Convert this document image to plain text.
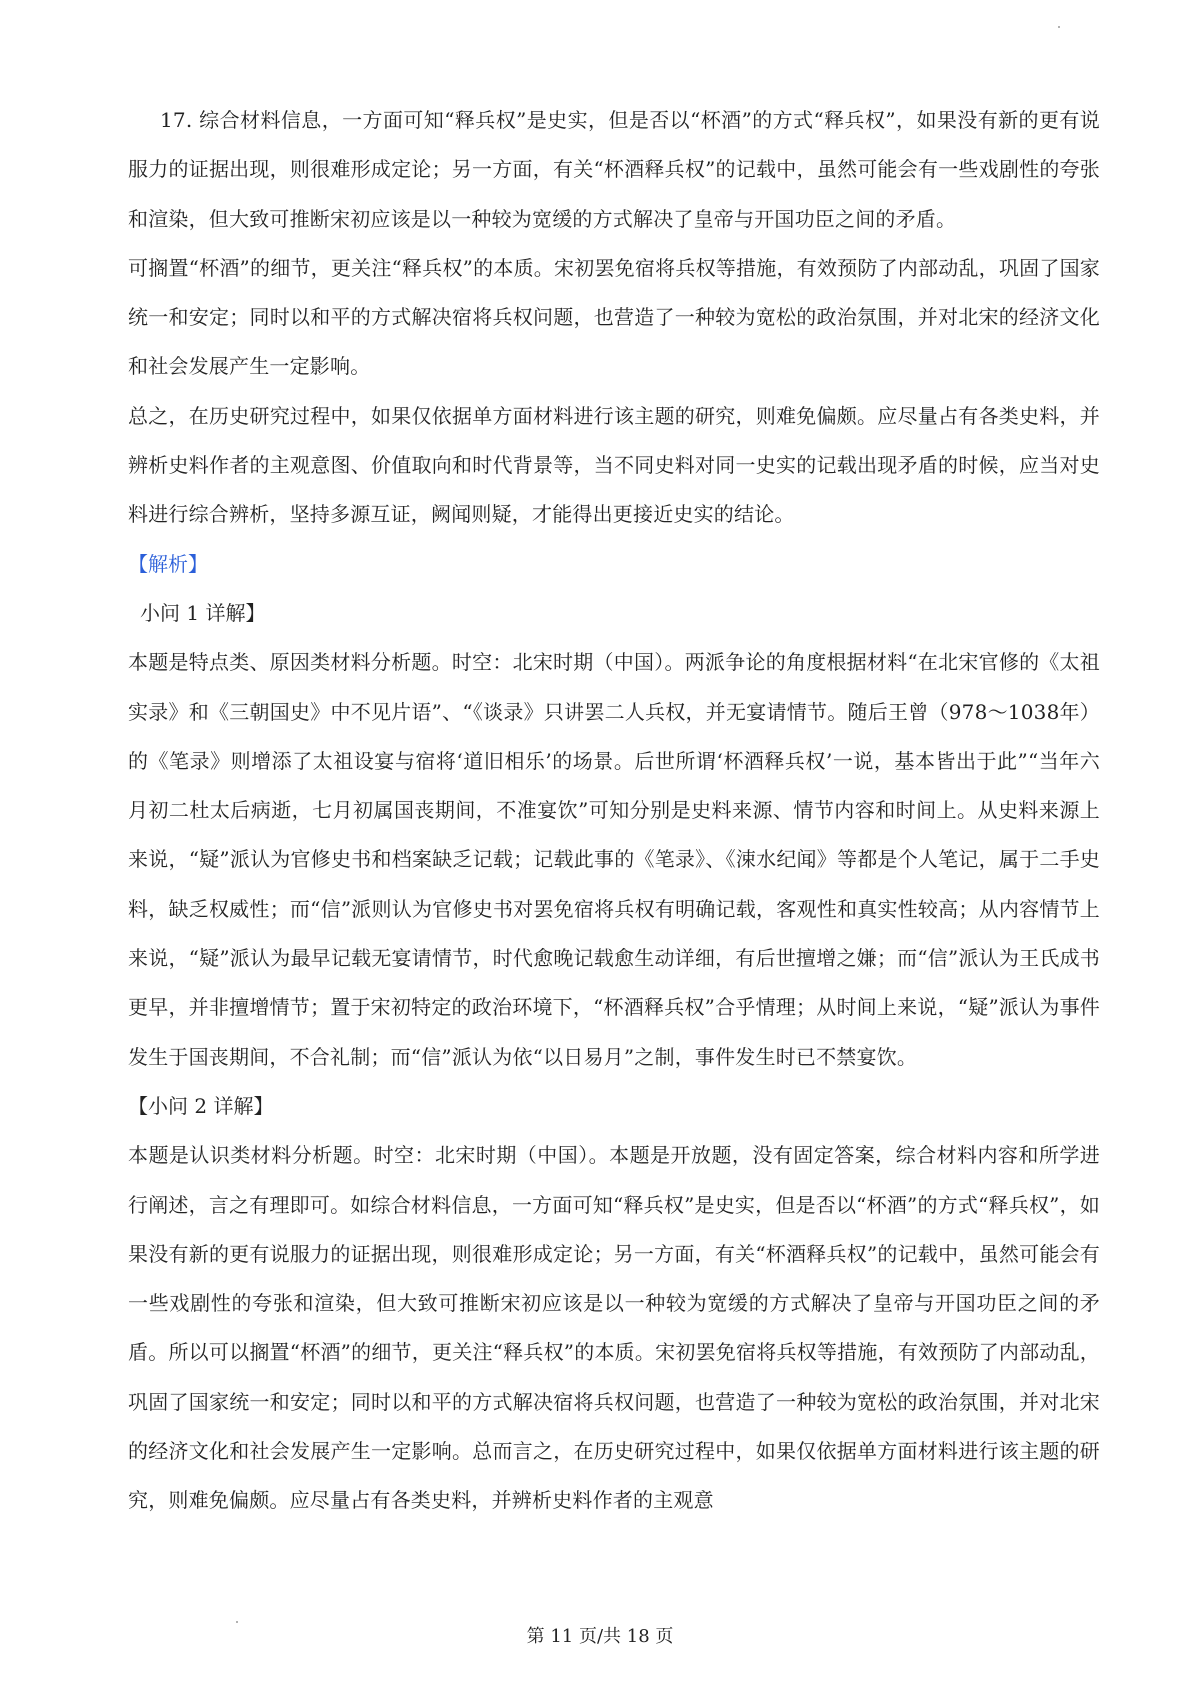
17. 综合材料信息，一方面可知“释兵权”是史实，但是否以“杯酒”的方式“释兵权”，如果没有新的更有说服力的证据出现，则很难形成定论；另一方面，有关“杯酒释兵权”的记载中，虽然可能会有一些戏剧性的夸张和渲染，但大致可推断宋初应该是以一种较为宽缓的方式解决了皇帝与开国功臣之间的矛盾。

可搁置“杯酒”的细节，更关注“释兵权”的本质。宋初罢免宿将兵权等措施，有效预防了内部动乱，巩固了国家统一和安定；同时以和平的方式解决宿将兵权问题，也营造了一种较为宽松的政治氛围，并对北宋的经济文化和社会发展产生一定影响。

总之，在历史研究过程中，如果仅依据单方面材料进行该主题的研究，则难免偏颇。应尽量占有各类史料，并辨析史料作者的主观意图、价值取向和时代背景等，当不同史料对同一史实的记载出现矛盾的时候，应当对史料进行综合辨析，坚持多源互证，阙闻则疑，才能得出更接近史实的结论。

【解析】

小问 1 详解】

本题是特点类、原因类材料分析题。时空：北宋时期（中国）。两派争论的角度根据材料“在北宋官修的《太祖实录》和《三朝国史》中不见片语”、“《谈录》只讲罢二人兵权，并无宴请情节。随后王曾（978～1038年）的《笔录》则增添了太祖设宴与宿将‘道旧相乐’的场景。后世所谓‘杯酒释兵权’一说，基本皆出于此”“当年六月初二杜太后病逝，七月初属国丧期间，不准宴饮”可知分别是史料来源、情节内容和时间上。从史料来源上来说，“疑”派认为官修史书和档案缺乏记载；记载此事的《笔录》、《涑水纪闻》等都是个人笔记，属于二手史料，缺乏权威性；而“信”派则认为官修史书对罢免宿将兵权有明确记载，客观性和真实性较高；从内容情节上来说，“疑”派认为最早记载无宴请情节，时代愈晚记载愈生动详细，有后世擅增之嫌；而“信”派认为王氏成书更早，并非擅增情节；置于宋初特定的政治环境下，“杯酒释兵权”合乎情理；从时间上来说，“疑”派认为事件发生于国丧期间，不合礼制；而“信”派认为依“以日易月”之制，事件发生时已不禁宴饮。

【小问 2 详解】

本题是认识类材料分析题。时空：北宋时期（中国）。本题是开放题，没有固定答案，综合材料内容和所学进行阐述，言之有理即可。如综合材料信息，一方面可知“释兵权”是史实，但是否以“杯酒”的方式“释兵权”，如果没有新的更有说服力的证据出现，则很难形成定论；另一方面，有关“杯酒释兵权”的记载中，虽然可能会有一些戏剧性的夸张和渲染，但大致可推断宋初应该是以一种较为宽缓的方式解决了皇帝与开国功臣之间的矛盾。所以可以搁置“杯酒”的细节，更关注“释兵权”的本质。宋初罢免宿将兵权等措施，有效预防了内部动乱，巩固了国家统一和安定；同时以和平的方式解决宿将兵权问题，也营造了一种较为宽松的政治氛围，并对北宋的经济文化和社会发展产生一定影响。总而言之，在历史研究过程中，如果仅依据单方面材料进行该主题的研究，则难免偏颇。应尽量占有各类史料，并辨析史料作者的主观意

第 11 页/共 18 页
